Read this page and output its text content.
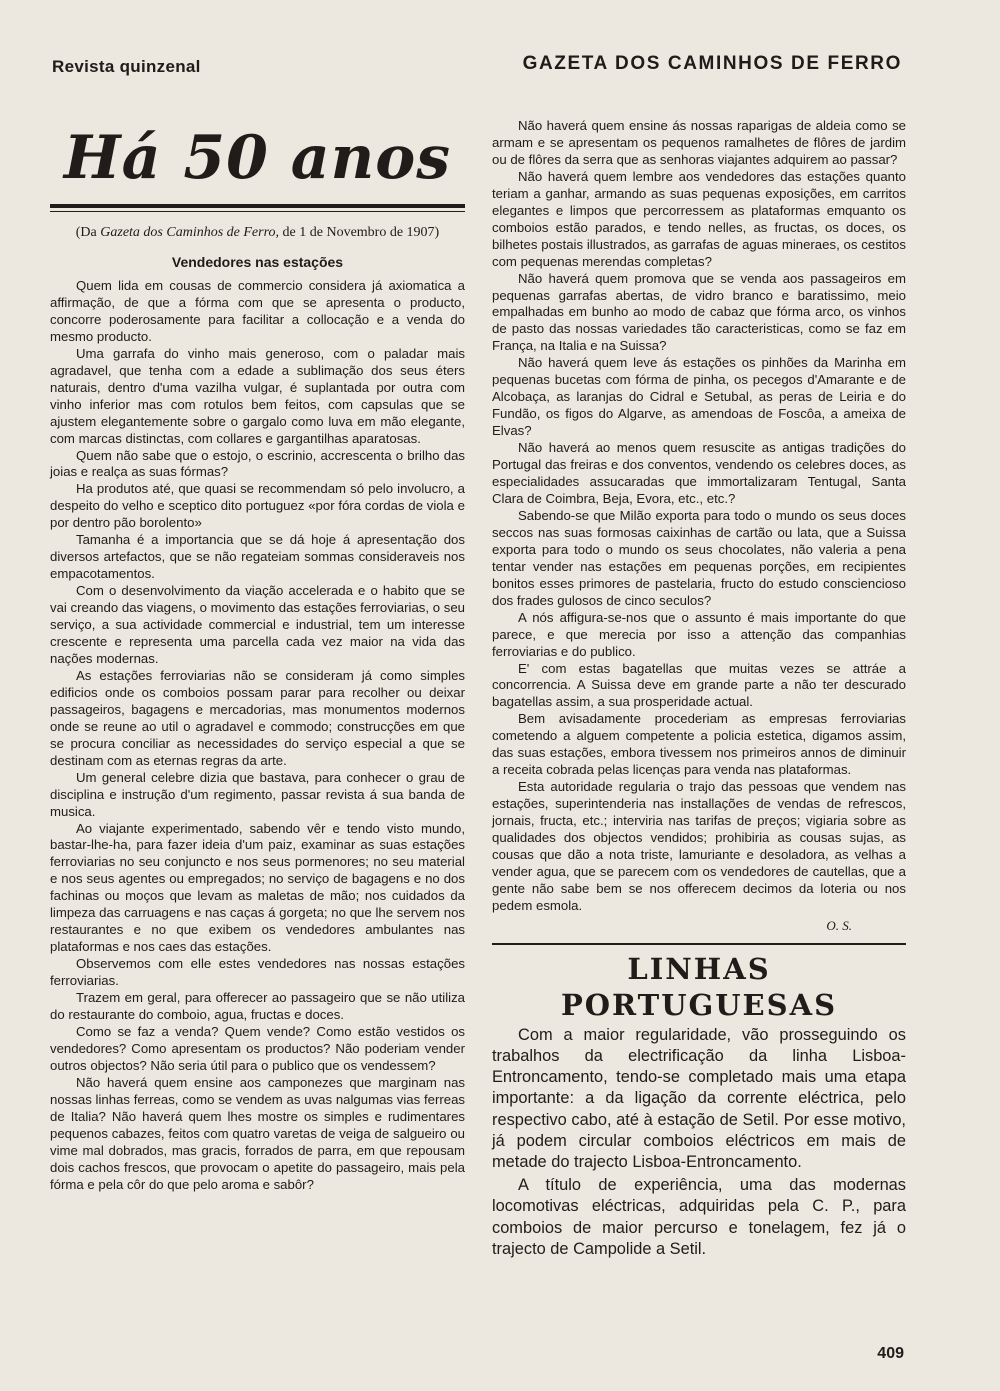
Revista quinzenal	GAZETA DOS CAMINHOS DE FERRO
Há 50 anos
(Da Gazeta dos Caminhos de Ferro, de 1 de Novembro de 1907)
Vendedores nas estações

Quem lida em cousas de commercio considera já axiomatica a affirmação, de que a fórma com que se apresenta o producto, concorre poderosamente para facilitar a collocação e a venda do mesmo producto.

Uma garrafa do vinho mais generoso, com o paladar mais agradavel, que tenha com a edade a sublimação dos seus éters naturais, dentro d'uma vazilha vulgar, é suplantada por outra com vinho inferior mas com rotulos bem feitos, com capsulas que se ajustem elegantemente sobre o gargalo como luva em mão elegante, com marcas distinctas, com collares e gargantilhas aparatosas.

Quem não sabe que o estojo, o escrinio, accrescenta o brilho das joias e realça as suas fórmas?

Ha produtos até, que quasi se recommendam só pelo involucro, a despeito do velho e sceptico dito portuguez «por fóra cordas de viola e por dentro pão borolento»

Tamanha é a importancia que se dá hoje á apresentação dos diversos artefactos, que se não regateiam sommas consideraveis nos empacotamentos.

Com o desenvolvimento da viação accelerada e o habito que se vai creando das viagens, o movimento das estações ferroviarias, o seu serviço, a sua actividade commercial e industrial, tem um interesse crescente e representa uma parcella cada vez maior na vida das nações modernas.

As estações ferroviarias não se consideram já como simples edificios onde os comboios possam parar para recolher ou deixar passageiros, bagagens e mercadorias, mas monumentos modernos onde se reune ao util o agradavel e commodo; construcções em que se procura conciliar as necessidades do serviço especial a que se destinam com as eternas regras da arte.

Um general celebre dizia que bastava, para conhecer o grau de disciplina e instrução d'um regimento, passar revista á sua banda de musica.

Ao viajante experimentado, sabendo vêr e tendo visto mundo, bastar-lhe-ha, para fazer ideia d'um paiz, examinar as suas estações ferroviarias no seu conjuncto e nos seus pormenores; no seu material e nos seus agentes ou empregados; no serviço de bagagens e no dos fachinas ou moços que levam as maletas de mão; nos cuidados da limpeza das carruagens e nas caças á gorgeta; no que lhe servem nos restaurantes e no que exibem os vendedores ambulantes nas plataformas e nos caes das estações.

Observemos com elle estes vendedores nas nossas estações ferroviarias.

Trazem em geral, para offerecer ao passageiro que se não utiliza do restaurante do comboio, agua, fructas e doces.

Como se faz a venda? Quem vende? Como estão vestidos os vendedores? Como apresentam os productos? Não poderiam vender outros objectos? Não seria útil para o publico que os vendessem?

Não haverá quem ensine aos camponezes que marginam nas nossas linhas ferreas, como se vendem as uvas nalgumas vias ferreas de Italia? Não haverá quem lhes mostre os simples e rudimentares pequenos cabazes, feitos com quatro varetas de veiga de salgueiro ou vime mal dobrados, mas gracis, forrados de parra, em que repousam dois cachos frescos, que provocam o apetite do passageiro, mais pela fórma e pela côr do que pelo aroma e sabôr?

Não haverá quem ensine ás nossas raparigas de aldeia como se armam e se apresentam os pequenos ramalhetes de flôres de jardim ou de flôres da serra que as senhoras viajantes adquirem ao passar?

Não haverá quem lembre aos vendedores das estações quanto teriam a ganhar, armando as suas pequenas exposições, em carritos elegantes e limpos que percorressem as plataformas emquanto os comboios estão parados, e tendo nelles, as fructas, os doces, os bilhetes postais illustrados, as garrafas de aguas mineraes, os cestitos com pequenas merendas completas?

Não haverá quem promova que se venda aos passageiros em pequenas garrafas abertas, de vidro branco e baratissimo, meio empalhadas em bunho ao modo de cabaz que fórma arco, os vinhos de pasto das nossas variedades tão caracteristicas, como se faz em França, na Italia e na Suissa?

Não haverá quem leve ás estações os pinhões da Marinha em pequenas bucetas com fórma de pinha, os pecegos d'Amarante e de Alcobaça, as laranjas do Cidral e Setubal, as peras de Leiria e do Fundão, os figos do Algarve, as amendoas de Foscôa, a ameixa de Elvas?

Não haverá ao menos quem resuscite as antigas tradições do Portugal das freiras e dos conventos, vendendo os celebres doces, as especialidades assucaradas que immortalizaram Tentugal, Santa Clara de Coimbra, Beja, Evora, etc., etc.?

Sabendo-se que Milão exporta para todo o mundo os seus doces seccos nas suas formosas caixinhas de cartão ou lata, que a Suissa exporta para todo o mundo os seus chocolates, não valeria a pena tentar vender nas estações em pequenas porções, em recipientes bonitos esses primores de pastelaria, fructo do estudo consciencioso dos frades gulosos de cinco seculos?

A nós affigura-se-nos que o assunto é mais importante do que parece, e que merecia por isso a attenção das companhias ferroviarias e do publico.

E' com estas bagatellas que muitas vezes se attráe a concorrencia. A Suissa deve em grande parte a não ter descurado bagatellas assim, a sua prosperidade actual.

Bem avisadamente procederiam as empresas ferroviarias cometendo a alguem competente a policia estetica, digamos assim, das suas estações, embora tivessem nos primeiros annos de diminuir a receita cobrada pelas licenças para venda nas plataformas.

Esta autoridade regularia o trajo das pessoas que vendem nas estações, superintenderia nas installações de vendas de refrescos, jornais, fructa, etc.; interviria nas tarifas de preços; vigiaria sobre as qualidades dos objectos vendidos; prohibiria as cousas sujas, as cousas que dão a nota triste, lamuriante e desoladora, as velhas a vender agua, que se parecem com os vendedores de cautellas, que a gente não sabe bem se nos offerecem decimos da loteria ou nos pedem esmola.

O. S.
LINHAS PORTUGUESAS

Com a maior regularidade, vão prosseguindo os trabalhos da electrificação da linha Lisboa-Entroncamento, tendo-se completado mais uma etapa importante: a da ligação da corrente eléctrica, pelo respectivo cabo, até à estação de Setil. Por esse motivo, já podem circular comboios eléctricos em mais de metade do trajecto Lisboa-Entroncamento.

A título de experiência, uma das modernas locomotivas eléctricas, adquiridas pela C. P., para comboios de maior percurso e tonelagem, fez já o trajecto de Campolide a Setil.

409
